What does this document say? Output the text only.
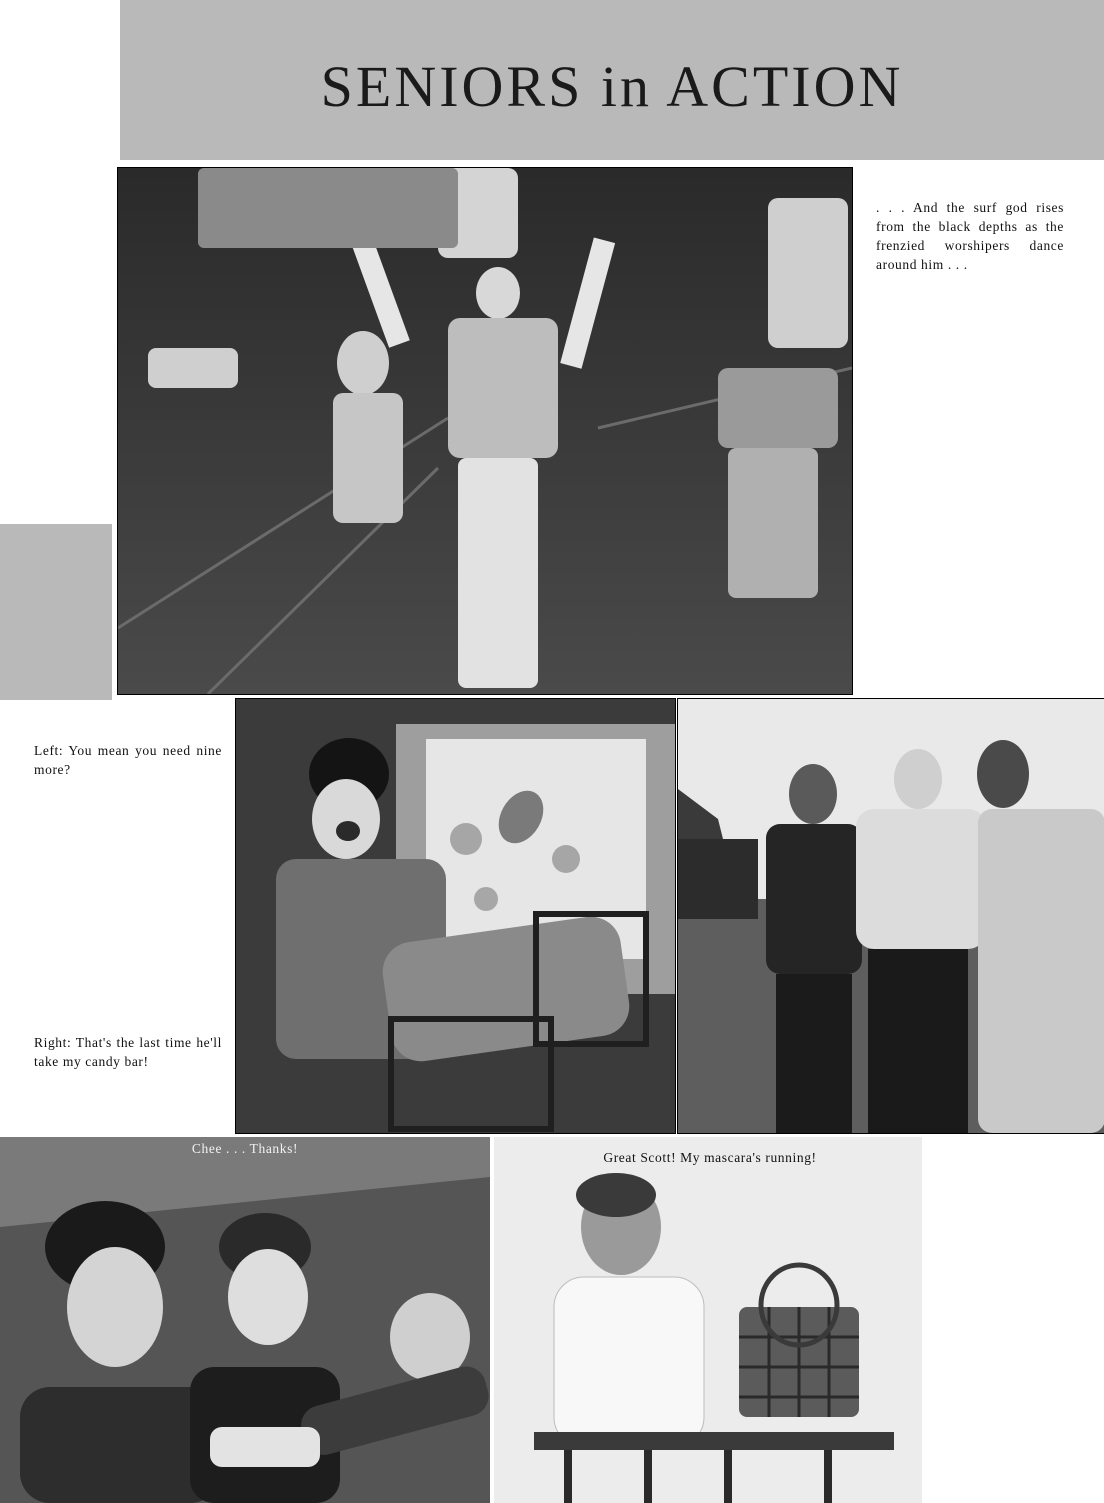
SENIORS in ACTION
. . . And the surf god rises from the black depths as the frenzied worshipers dance around him . . .
Left: You mean you need nine more?
Right: That's the last time he'll take my candy bar!
Chee . . . Thanks!
Great Scott! My mascara's running!
